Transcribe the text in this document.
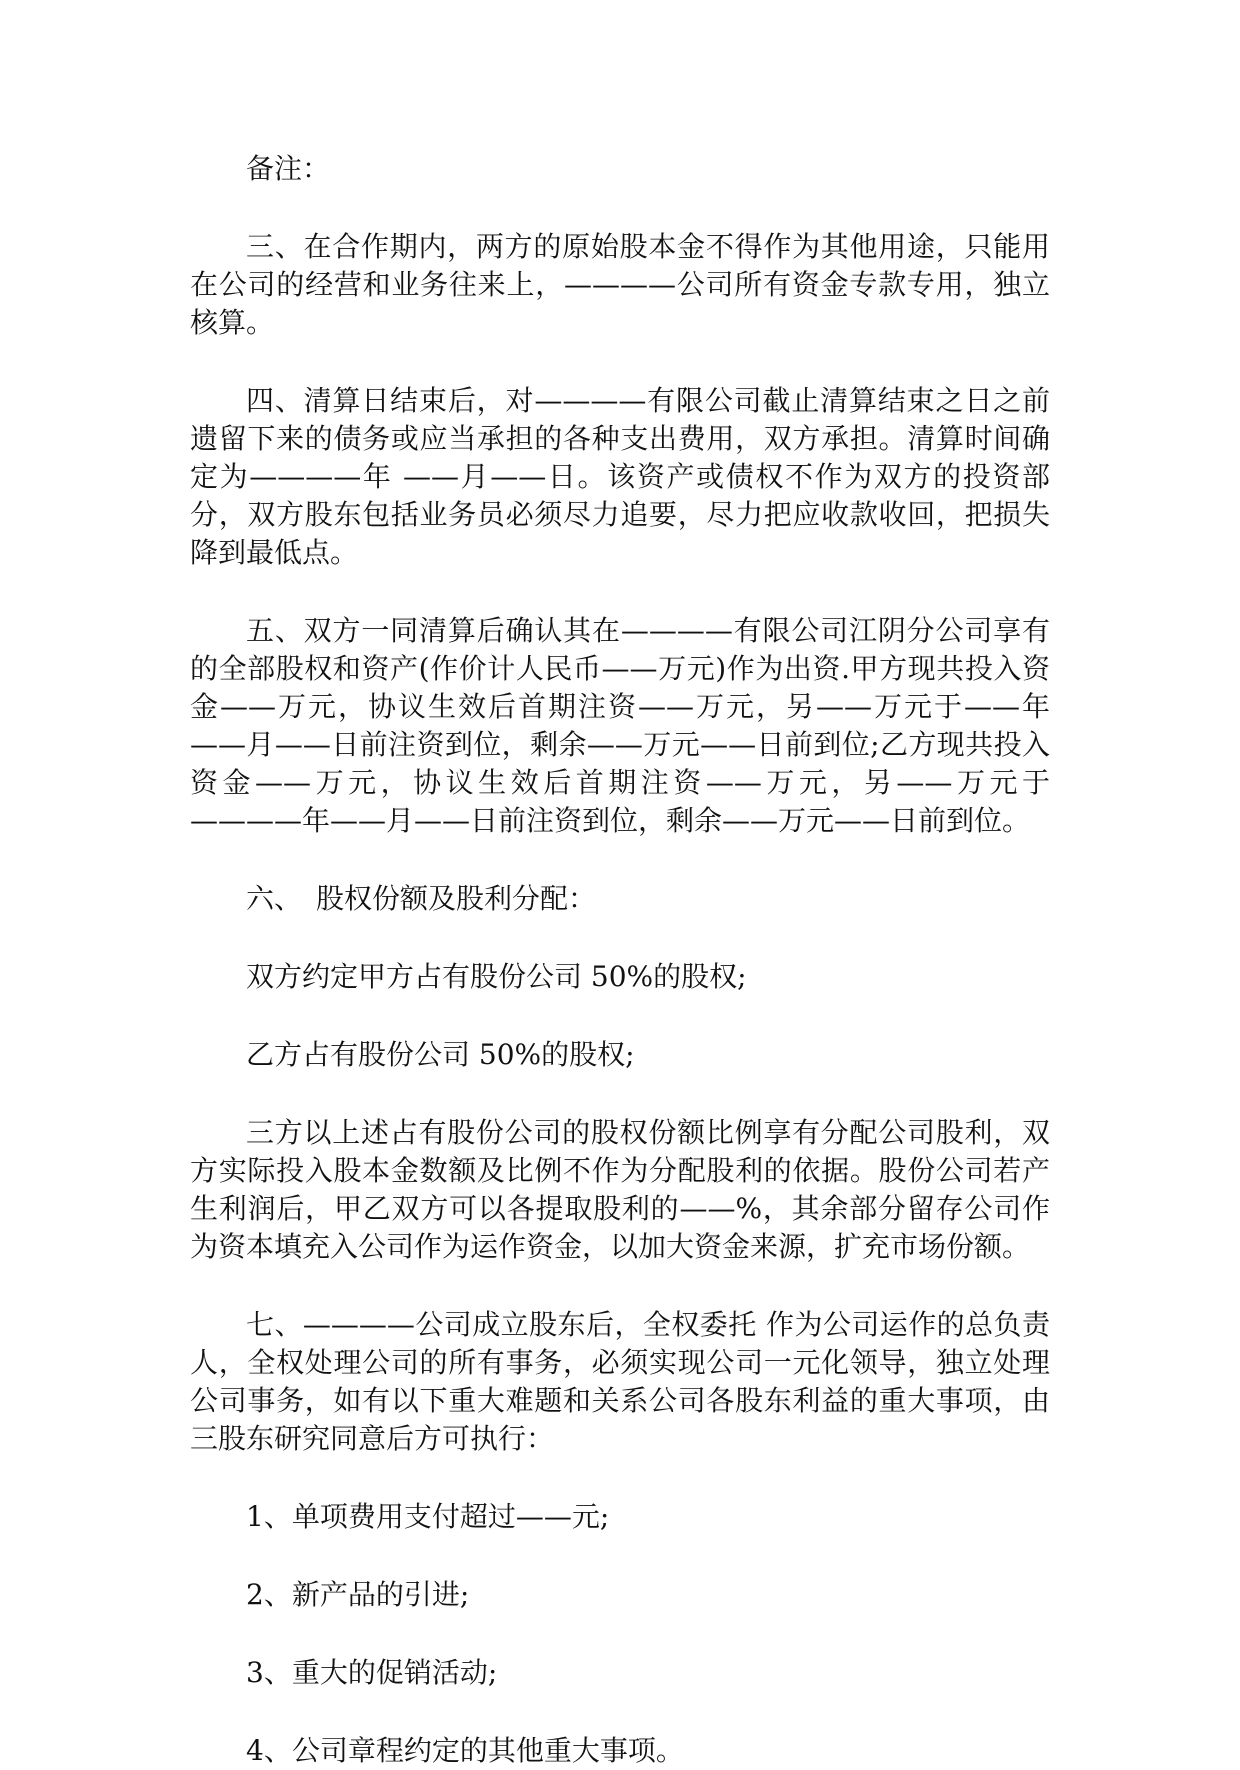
备注：

三、在合作期内，两方的原始股本金不得作为其他用途，只能用在公司的经营和业务往来上，————公司所有资金专款专用，独立核算。

四、清算日结束后，对————有限公司截止清算结束之日之前遗留下来的债务或应当承担的各种支出费用，双方承担。清算时间确定为————年 ——月——日。该资产或债权不作为双方的投资部分，双方股东包括业务员必须尽力追要，尽力把应收款收回，把损失降到最低点。

五、双方一同清算后确认其在————有限公司江阴分公司享有的全部股权和资产(作价计人民币——万元)作为出资.甲方现共投入资金——万元，协议生效后首期注资——万元，另——万元于——年——月——日前注资到位，剩余——万元——日前到位;乙方现共投入资金——万元，协议生效后首期注资——万元，另——万元于————年——月——日前注资到位，剩余——万元——日前到位。

六、　股权份额及股利分配：

双方约定甲方占有股份公司 50%的股权;

乙方占有股份公司 50%的股权;

三方以上述占有股份公司的股权份额比例享有分配公司股利，双方实际投入股本金数额及比例不作为分配股利的依据。股份公司若产生利润后，甲乙双方可以各提取股利的——%，其余部分留存公司作为资本填充入公司作为运作资金，以加大资金来源，扩充市场份额。

七、————公司成立股东后，全权委托 作为公司运作的总负责人，全权处理公司的所有事务，必须实现公司一元化领导，独立处理公司事务，如有以下重大难题和关系公司各股东利益的重大事项，由三股东研究同意后方可执行：

1、单项费用支付超过——元;

2、新产品的引进;

3、重大的促销活动;

4、公司章程约定的其他重大事项。
